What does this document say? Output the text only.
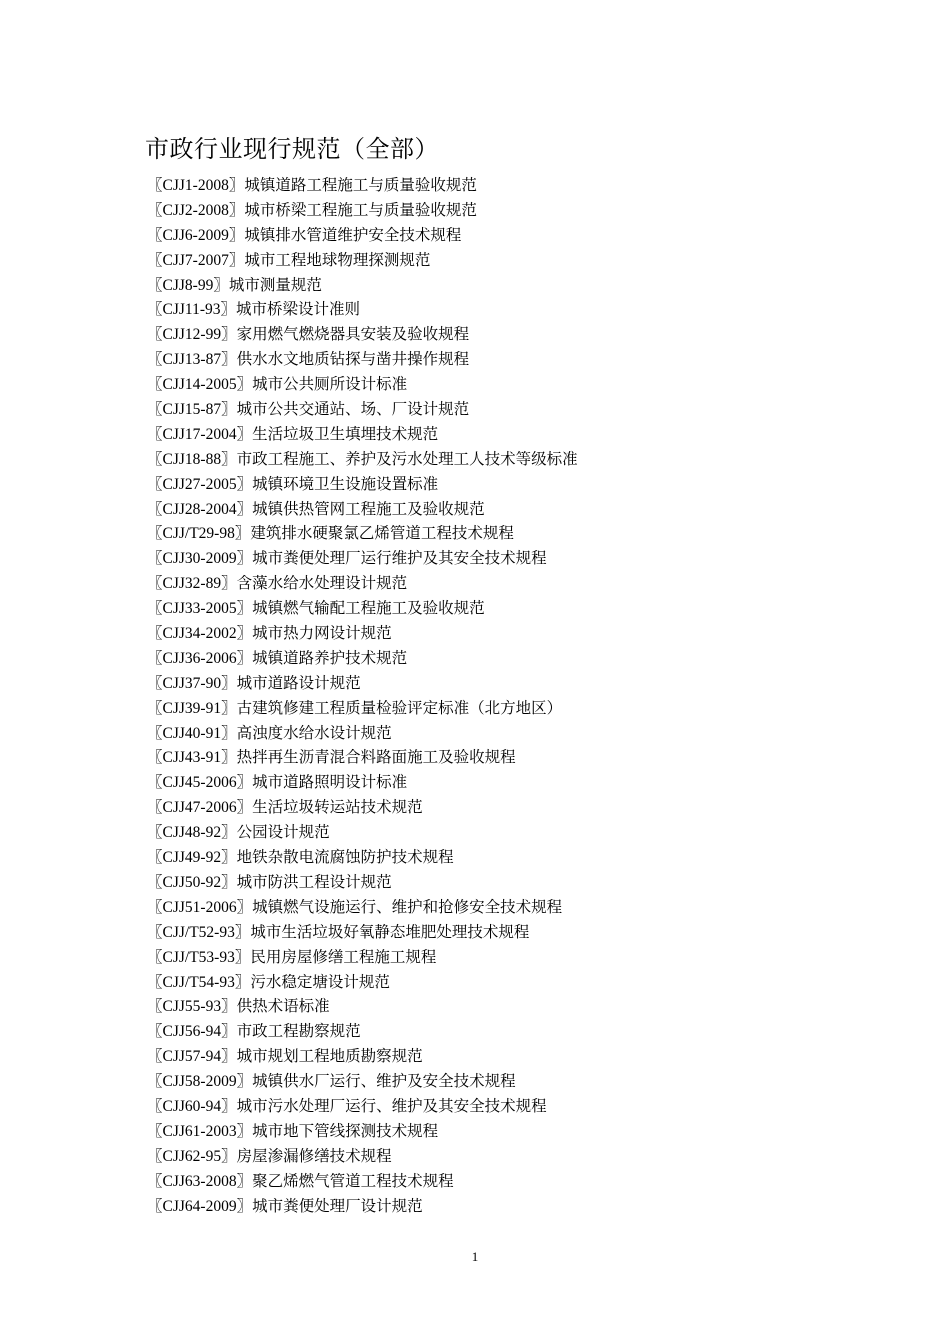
市政行业现行规范（全部）
〖CJJ1-2008〗城镇道路工程施工与质量验收规范
〖CJJ2-2008〗城市桥梁工程施工与质量验收规范
〖CJJ6-2009〗城镇排水管道维护安全技术规程
〖CJJ7-2007〗城市工程地球物理探测规范
〖CJJ8-99〗城市测量规范
〖CJJ11-93〗城市桥梁设计准则
〖CJJ12-99〗家用燃气燃烧器具安装及验收规程
〖CJJ13-87〗供水水文地质钻探与凿井操作规程
〖CJJ14-2005〗城市公共厕所设计标准
〖CJJ15-87〗城市公共交通站、场、厂设计规范
〖CJJ17-2004〗生活垃圾卫生填埋技术规范
〖CJJ18-88〗市政工程施工、养护及污水处理工人技术等级标准
〖CJJ27-2005〗城镇环境卫生设施设置标准
〖CJJ28-2004〗城镇供热管网工程施工及验收规范
〖CJJ/T29-98〗建筑排水硬聚氯乙烯管道工程技术规程
〖CJJ30-2009〗城市粪便处理厂运行维护及其安全技术规程
〖CJJ32-89〗含藻水给水处理设计规范
〖CJJ33-2005〗城镇燃气输配工程施工及验收规范
〖CJJ34-2002〗城市热力网设计规范
〖CJJ36-2006〗城镇道路养护技术规范
〖CJJ37-90〗城市道路设计规范
〖CJJ39-91〗古建筑修建工程质量检验评定标准（北方地区）
〖CJJ40-91〗高浊度水给水设计规范
〖CJJ43-91〗热拌再生沥青混合料路面施工及验收规程
〖CJJ45-2006〗城市道路照明设计标准
〖CJJ47-2006〗生活垃圾转运站技术规范
〖CJJ48-92〗公园设计规范
〖CJJ49-92〗地铁杂散电流腐蚀防护技术规程
〖CJJ50-92〗城市防洪工程设计规范
〖CJJ51-2006〗城镇燃气设施运行、维护和抢修安全技术规程
〖CJJ/T52-93〗城市生活垃圾好氧静态堆肥处理技术规程
〖CJJ/T53-93〗民用房屋修缮工程施工规程
〖CJJ/T54-93〗污水稳定塘设计规范
〖CJJ55-93〗供热术语标准
〖CJJ56-94〗市政工程勘察规范
〖CJJ57-94〗城市规划工程地质勘察规范
〖CJJ58-2009〗城镇供水厂运行、维护及安全技术规程
〖CJJ60-94〗城市污水处理厂运行、维护及其安全技术规程
〖CJJ61-2003〗城市地下管线探测技术规程
〖CJJ62-95〗房屋渗漏修缮技术规程
〖CJJ63-2008〗聚乙烯燃气管道工程技术规程
〖CJJ64-2009〗城市粪便处理厂设计规范
1
